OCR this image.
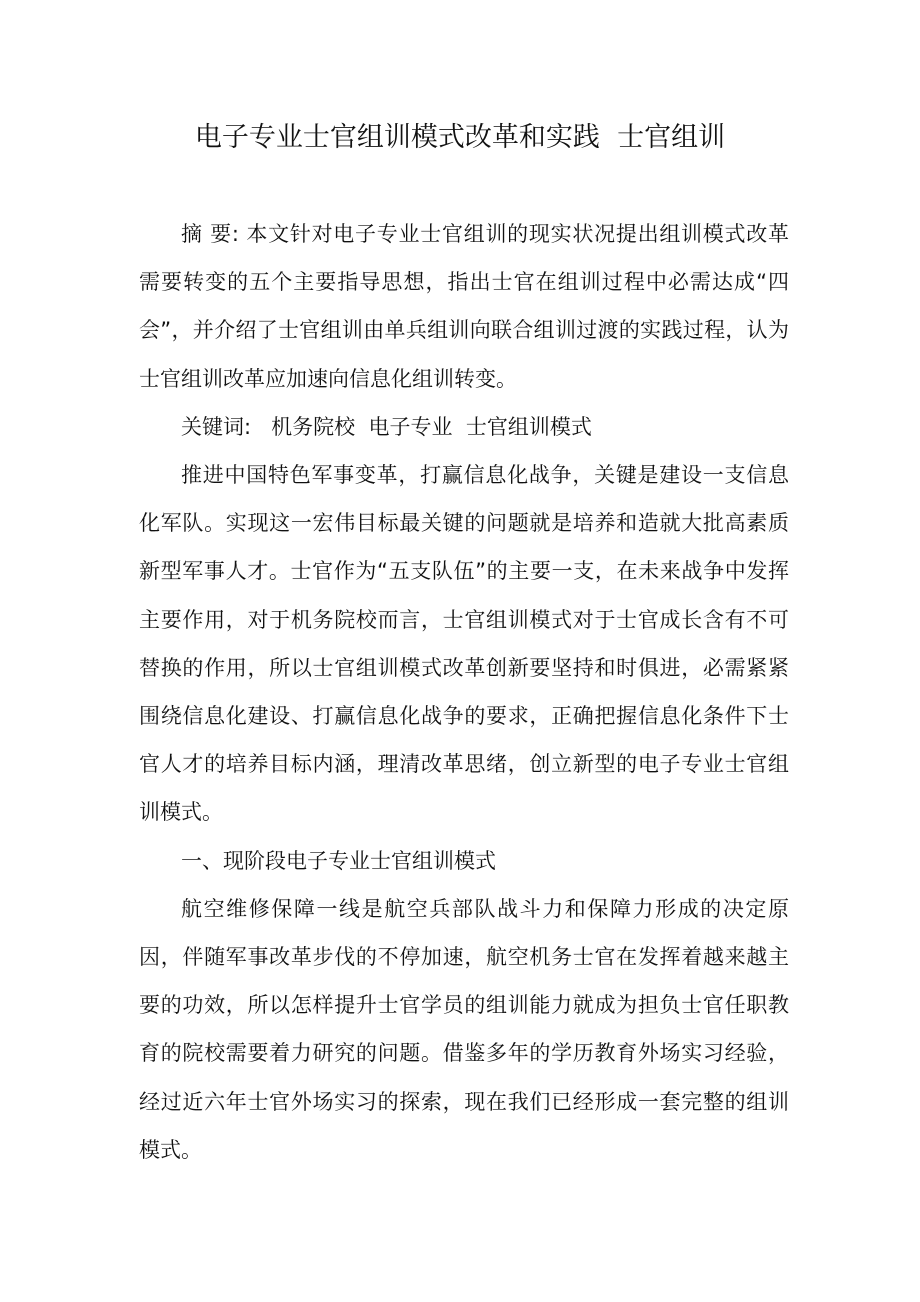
电子专业士官组训模式改革和实践  士官组训

摘 要: 本文针对电子专业士官组训的现实状况提出组训模式改革需要转变的五个主要指导思想，指出士官在组训过程中必需达成“四会”，并介绍了士官组训由单兵组训向联合组训过渡的实践过程，认为士官组训改革应加速向信息化组训转变。

关键词:   机务院校 电子专业 士官组训模式

推进中国特色军事变革，打赢信息化战争，关键是建设一支信息化军队。实现这一宏伟目标最关键的问题就是培养和造就大批高素质新型军事人才。士官作为“五支队伍”的主要一支，在未来战争中发挥主要作用，对于机务院校而言，士官组训模式对于士官成长含有不可替换的作用，所以士官组训模式改革创新要坚持和时俱进，必需紧紧围绕信息化建设、打赢信息化战争的要求，正确把握信息化条件下士官人才的培养目标内涵，理清改革思绪，创立新型的电子专业士官组训模式。

一、现阶段电子专业士官组训模式

航空维修保障一线是航空兵部队战斗力和保障力形成的决定原因，伴随军事改革步伐的不停加速，航空机务士官在发挥着越来越主要的功效，所以怎样提升士官学员的组训能力就成为担负士官任职教育的院校需要着力研究的问题。借鉴多年的学历教育外场实习经验，经过近六年士官外场实习的探索，现在我们已经形成一套完整的组训模式。
